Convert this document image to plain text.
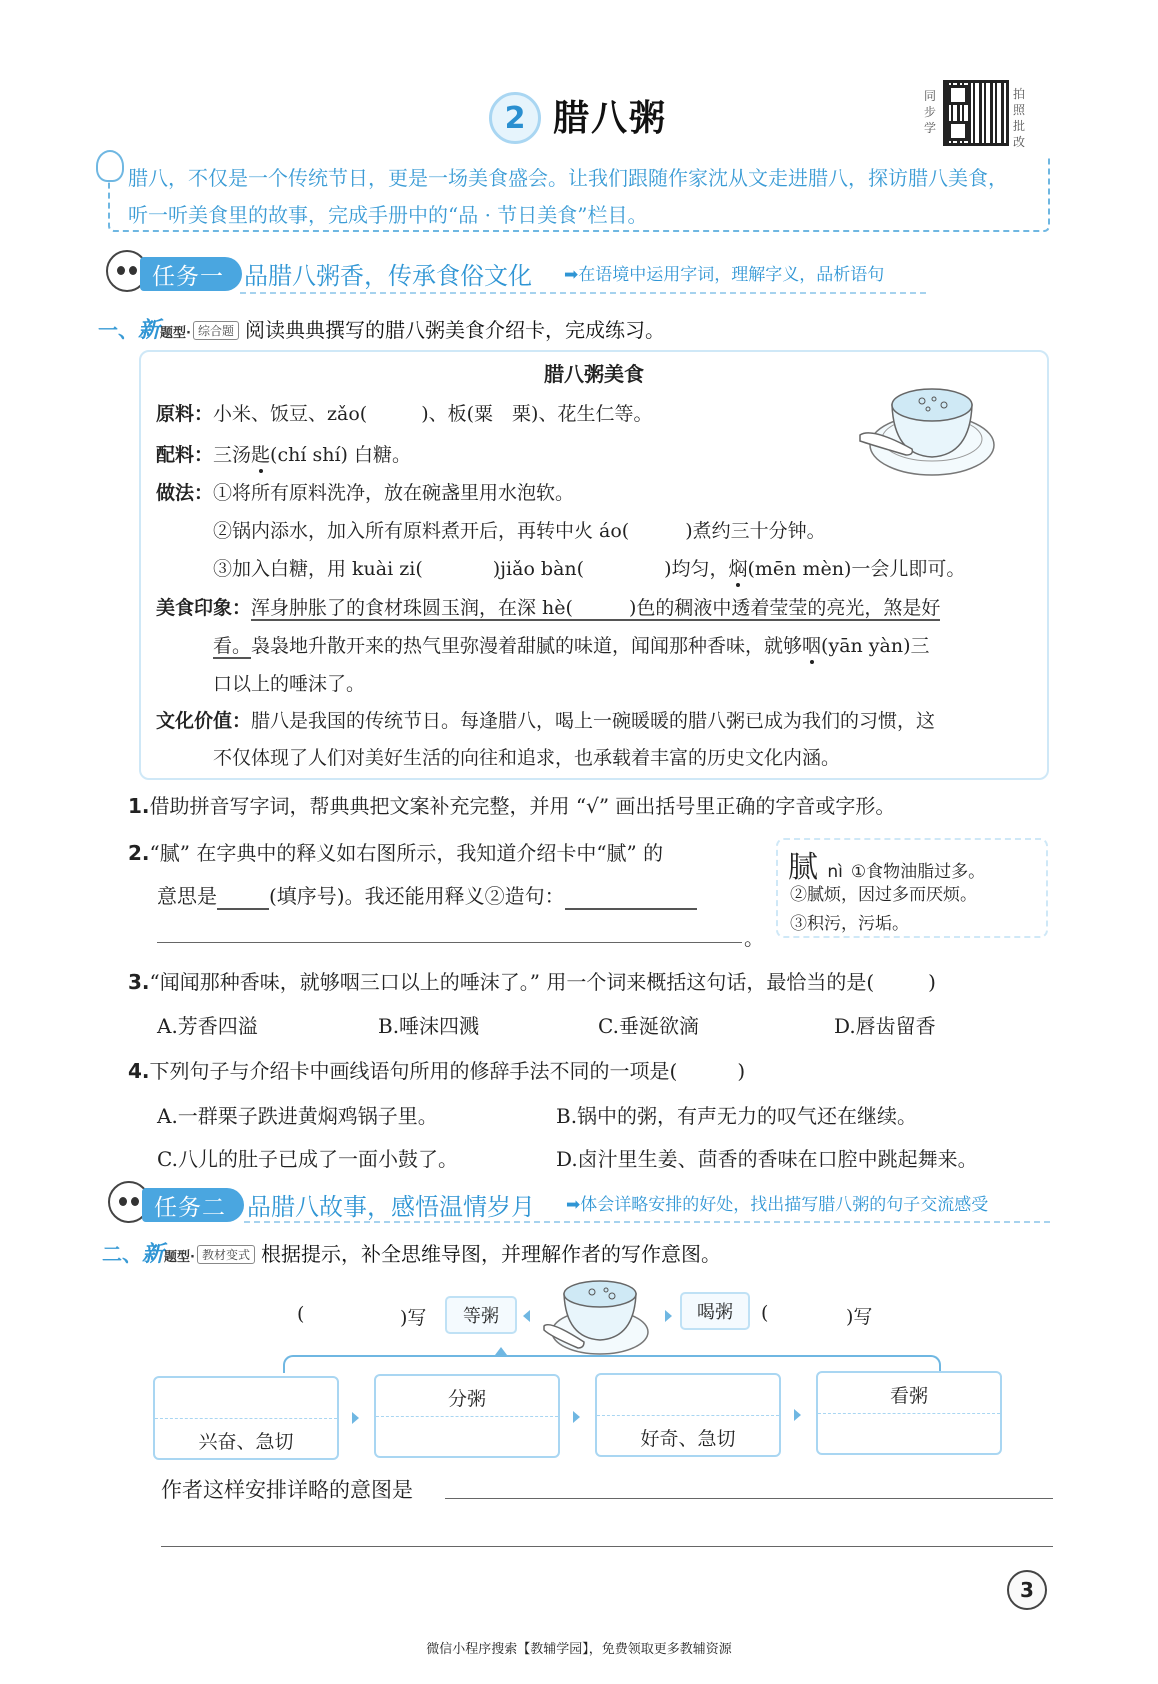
2 腊八粥
同步学
拍照批改
腊八，不仅是一个传统节日，更是一场美食盛会。让我们跟随作家沈从文走进腊八，探访腊八美食，
听一听美食里的故事，完成手册中的“品 · 节日美食”栏目。
任务一 品腊八粥香，传承食俗文化 ➡在语境中运用字词，理解字义，品析语句
一、新题型· 综合题 阅读典典撰写的腊八粥美食介绍卡，完成练习。
腊八粥美食
原料：小米、饭豆、zǎo(	)、板(粟　栗)、花生仁等。
配料：三汤匙(chí shí) 白糖。
做法：①将所有原料洗净，放在碗盏里用水泡软。
②锅内添水，加入所有原料煮开后，再转中火 áo(	)煮约三十分钟。
③加入白糖，用 kuài zi(	)jiǎo bàn(	)均匀，焖(mēn mèn)一会儿即可。
美食印象：浑身肿胀了的食材珠圆玉润，在深 hè(	)色的稠液中透着莹莹的亮光，煞是好
看。袅袅地升散开来的热气里弥漫着甜腻的味道，闻闻那种香味，就够咽(yān yàn)三
口以上的唾沫了。
文化价值：腊八是我国的传统节日。每逢腊八，喝上一碗暖暖的腊八粥已成为我们的习惯，这
不仅体现了人们对美好生活的向往和追求，也承载着丰富的历史文化内涵。
1.借助拼音写字词，帮典典把文案补充完整，并用 “√” 画出括号里正确的字音或字形。
2.“腻” 在字典中的释义如右图所示，我知道介绍卡中“腻” 的
意思是	(填序号)。我还能用释义②造句：
。
腻 nì ①食物油脂过多。
②腻烦，因过多而厌烦。
③积污，污垢。
3.“闻闻那种香味，就够咽三口以上的唾沫了。” 用一个词来概括这句话，最恰当的是(	)
A.芳香四溢	B.唾沫四溅	C.垂涎欲滴	D.唇齿留香
4.下列句子与介绍卡中画线语句所用的修辞手法不同的一项是(	)
A.一群栗子跌进黄焖鸡锅子里。	B.锅中的粥，有声无力的叹气还在继续。
C.八儿的肚子已成了一面小鼓了。	D.卤汁里生姜、茴香的香味在口腔中跳起舞来。
任务二 品腊八故事，感悟温情岁月 ➡体会详略安排的好处，找出描写腊八粥的句子交流感受
二、新题型· 教材变式 根据提示，补全思维导图，并理解作者的写作意图。
(	)写	等粥	喝粥	(	)写
兴奋、急切
分粥
好奇、急切
看粥
作者这样安排详略的意图是
3
微信小程序搜索【教辅学园】，免费领取更多教辅资源
